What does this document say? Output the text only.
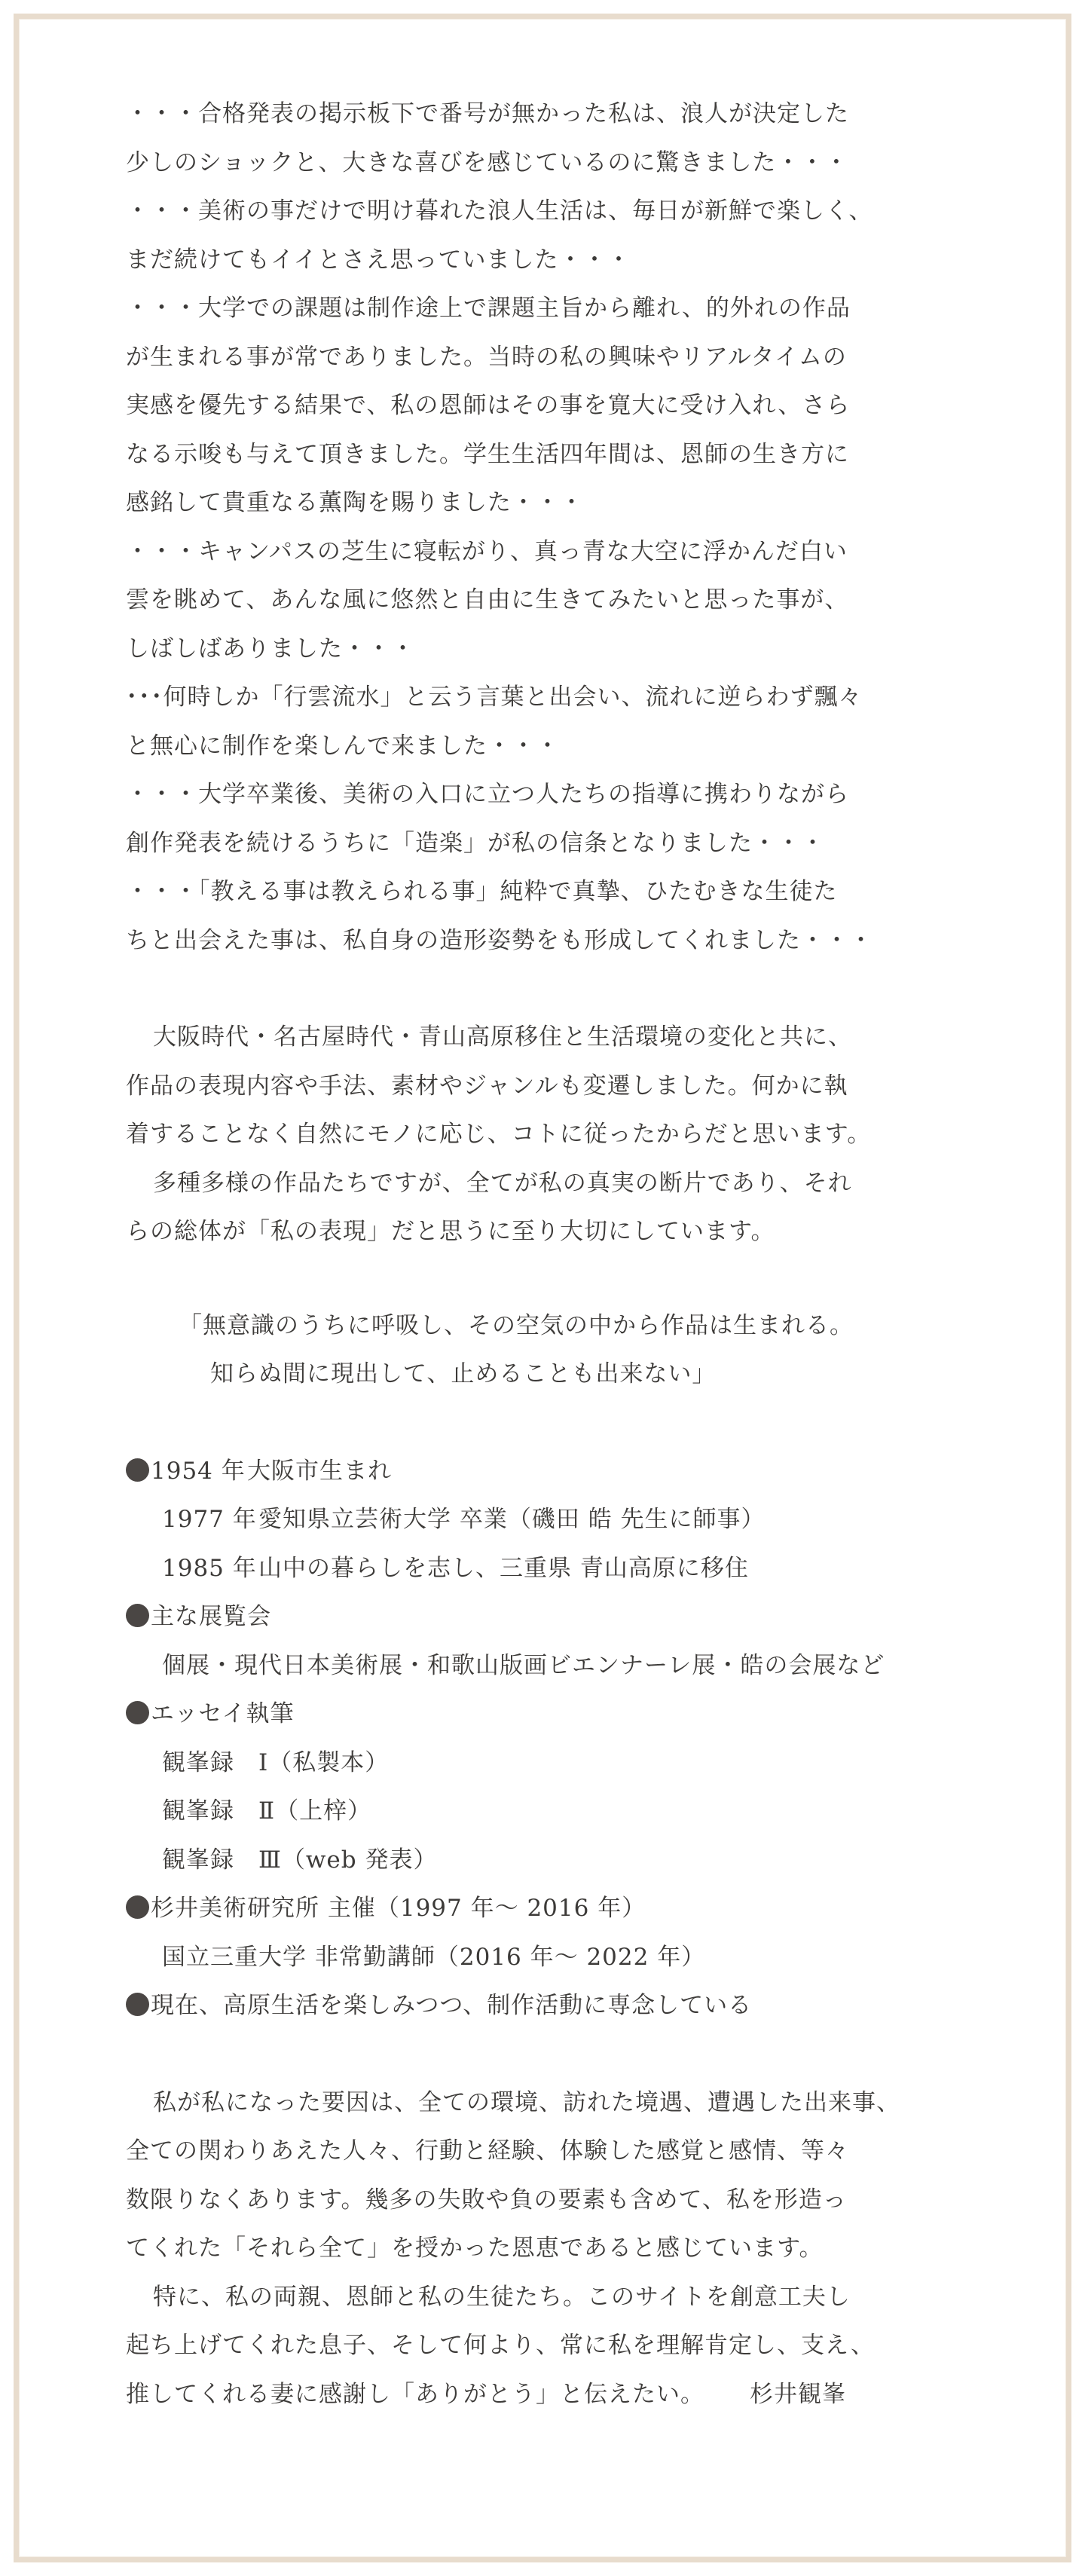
・・・合格発表の掲示板下で番号が無かった私は、浪人が決定した
少しのショックと、大きな喜びを感じているのに驚きました・・・
・・・美術の事だけで明け暮れた浪人生活は、毎日が新鮮で楽しく、
まだ続けてもイイとさえ思っていました・・・
・・・大学での課題は制作途上で課題主旨から離れ、的外れの作品
が生まれる事が常でありました。当時の私の興味やリアルタイムの
実感を優先する結果で、私の恩師はその事を寛大に受け入れ、さら
なる示唆も与えて頂きました。学生生活四年間は、恩師の生き方に
感銘して貴重なる薫陶を賜りました・・・
・・・キャンパスの芝生に寝転がり、真っ青な大空に浮かんだ白い
雲を眺めて、あんな風に悠然と自由に生きてみたいと思った事が、
しばしばありました・・・
･･･何時しか「行雲流水」と云う言葉と出会い、流れに逆らわず飄々
と無心に制作を楽しんで来ました・・・
・・・大学卒業後、美術の入口に立つ人たちの指導に携わりながら
創作発表を続けるうちに「造楽」が私の信条となりました・・・
・・・「教える事は教えられる事」純粋で真摯、ひたむきな生徒た
ちと出会えた事は、私自身の造形姿勢をも形成してくれました・・・
大阪時代・名古屋時代・青山高原移住と生活環境の変化と共に、
作品の表現内容や手法、素材やジャンルも変遷しました。何かに執
着することなく自然にモノに応じ、コトに従ったからだと思います。
多種多様の作品たちですが、全てが私の真実の断片であり、それ
らの総体が「私の表現」だと思うに至り大切にしています。
「無意識のうちに呼吸し、その空気の中から作品は生まれる。
知らぬ間に現出して、止めることも出来ない」
1954 年大阪市生まれ
1977 年愛知県立芸術大学 卒業（磯田 皓 先生に師事）
1985 年山中の暮らしを志し、三重県 青山高原に移住
主な展覧会
個展・現代日本美術展・和歌山版画ビエンナーレ展・皓の会展など
エッセイ執筆
観峯録　Ⅰ（私製本）
観峯録　Ⅱ（上梓）
観峯録　Ⅲ（web 発表）
杉井美術研究所 主催（1997 年～ 2016 年）
国立三重大学 非常勤講師（2016 年～ 2022 年）
現在、高原生活を楽しみつつ、制作活動に専念している
私が私になった要因は、全ての環境、訪れた境遇、遭遇した出来事、
全ての関わりあえた人々、行動と経験、体験した感覚と感情、等々
数限りなくあります。幾多の失敗や負の要素も含めて、私を形造っ
てくれた「それら全て」を授かった恩恵であると感じています。
特に、私の両親、恩師と私の生徒たち。このサイトを創意工夫し
起ち上げてくれた息子、そして何より、常に私を理解肯定し、支え、
推してくれる妻に感謝し「ありがとう」と伝えたい。 杉井観峯
